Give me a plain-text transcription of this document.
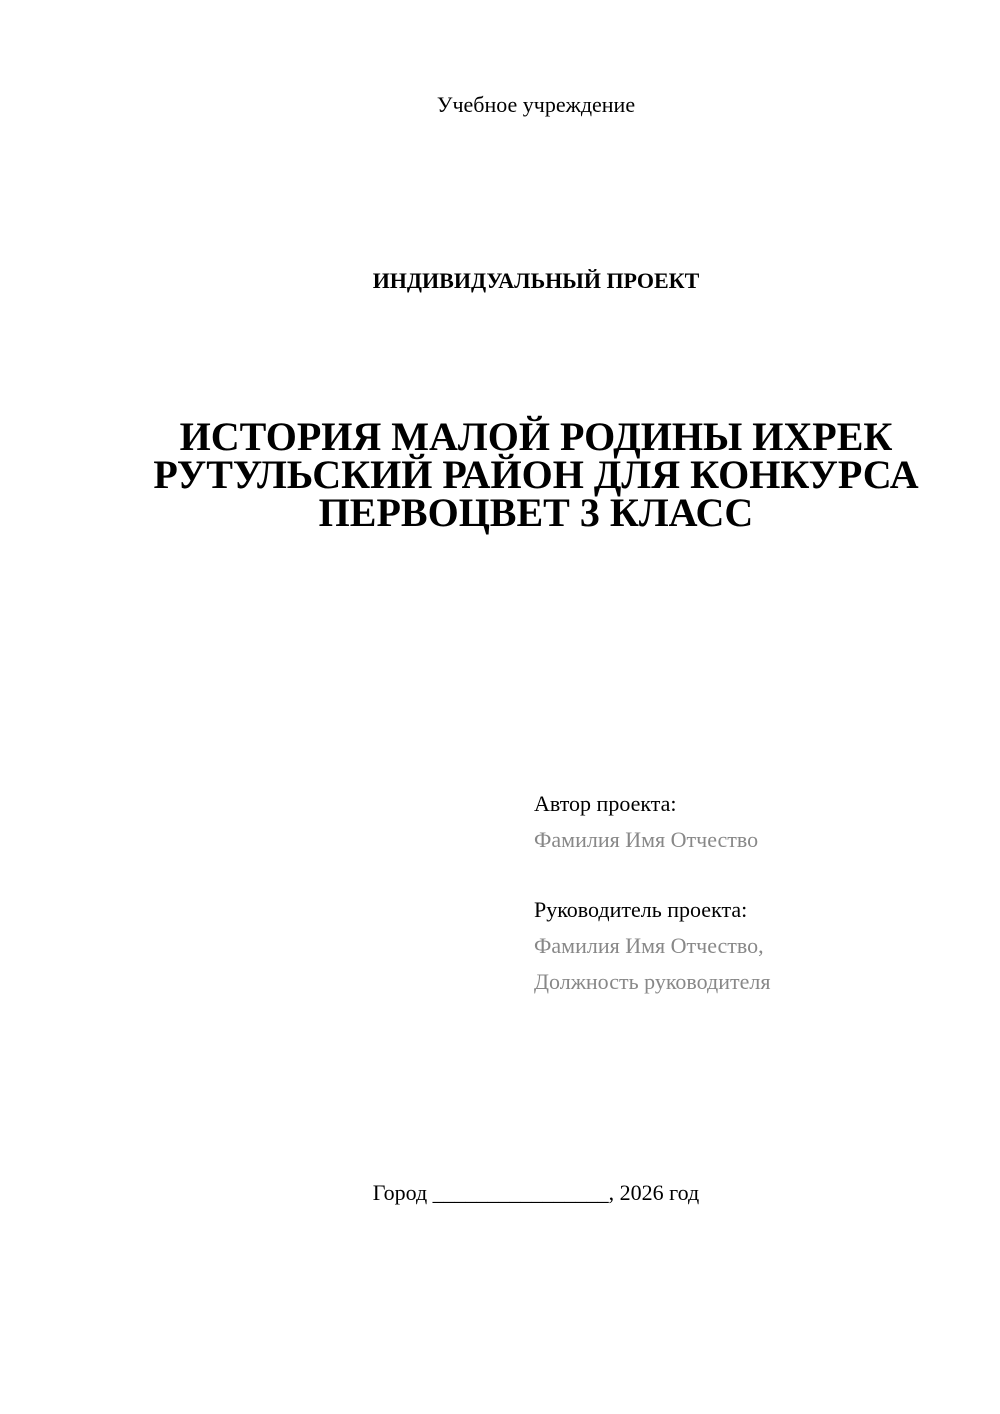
Учебное учреждение
ИНДИВИДУАЛЬНЫЙ ПРОЕКТ
ИСТОРИЯ МАЛОЙ РОДИНЫ ИХРЕК
РУТУЛЬСКИЙ РАЙОН ДЛЯ КОНКУРСА
ПЕРВОЦВЕТ 3 КЛАСС
Автор проекта:
Фамилия Имя Отчество
Руководитель проекта:
Фамилия Имя Отчество,
Должность руководителя
Город ________________, 2026 год
